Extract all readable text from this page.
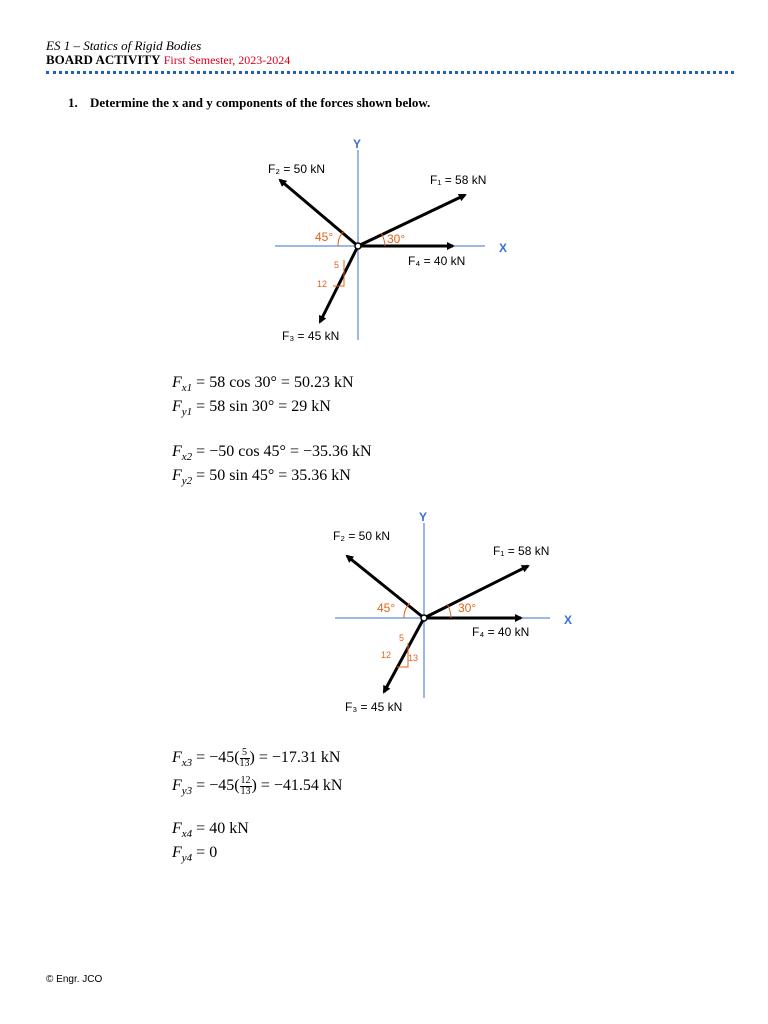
ES 1 – Statics of Rigid Bodies
BOARD ACTIVITY First Semester, 2023-2024
1. Determine the x and y components of the forces shown below.
Y
X
30°
45°
5
12
F₂ = 50 kN
F₁ = 58 kN
F₄ = 40 kN
F₃ = 45 kN
$F_{x1} = 58$ cos 30° = 50.23 kN
$F_{y1} = 58$ sin 30° = 29 kN
$F_{x2} = -50$ cos 45° = −35.36 kN
$F_{y2} = 50$ sin 45° = 35.36 kN
Y
X
30°
45°
5
12 13
F₂ = 50 kN
F₁ = 58 kN
F₄ = 40 kN
F₃ = 45 kN
$F_{x3} = -45( \frac{5}{13}$ ) = −17.31 kN
$F_{y3} = -45( \frac{12}{13}$ ) = −41.54 kN
$F_{x4} = 40$ kN
$F_{y4} = 0$
© Engr. JCO
